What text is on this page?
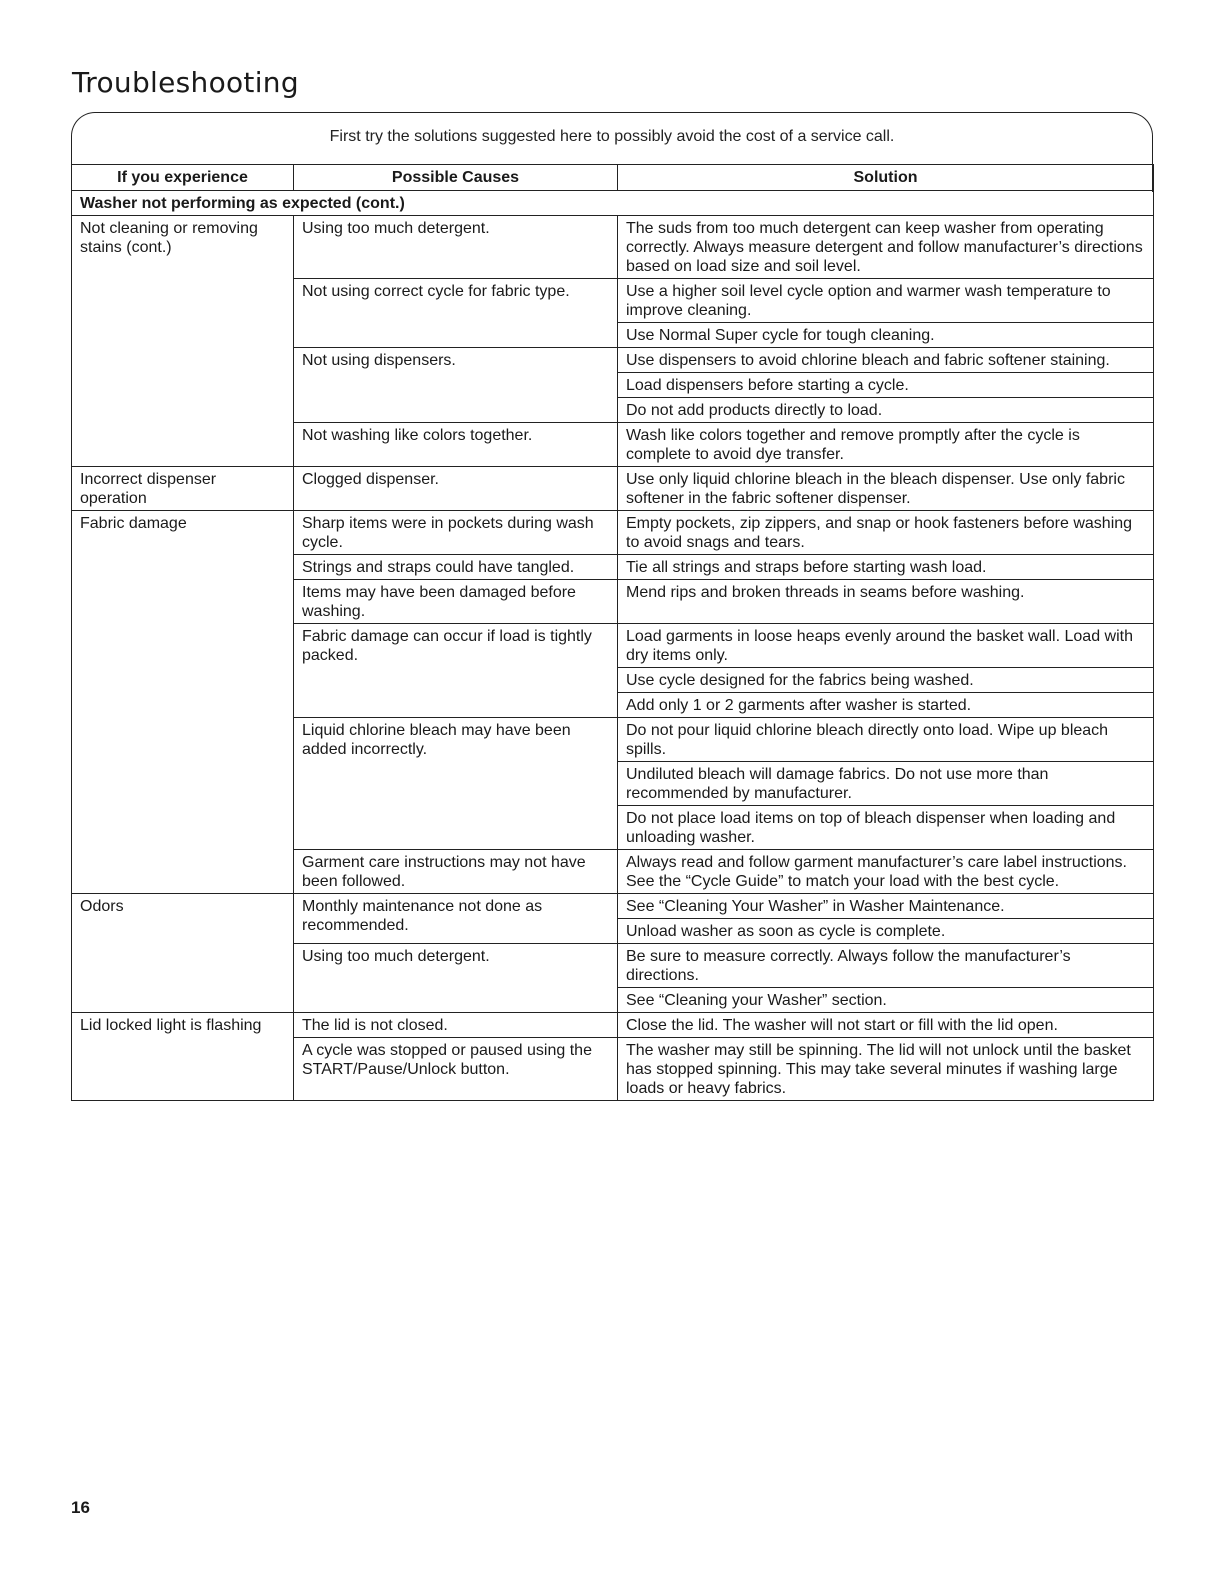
Troubleshooting
First try the solutions suggested here to possibly avoid the cost of a service call.
If you experience	Possible Causes	Solution
Washer not performing as expected (cont.)		
Not cleaning or removing stains (cont.)	Using too much detergent.	The suds from too much detergent can keep washer from operating correctly. Always measure detergent and follow manufacturer’s directions based on load size and soil level.
	Not using correct cycle for fabric type.	Use a higher soil level cycle option and warmer wash temperature to improve cleaning.
		Use Normal Super cycle for tough cleaning.
	Not using dispensers.	Use dispensers to avoid chlorine bleach and fabric softener staining.
		Load dispensers before starting a cycle.
		Do not add products directly to load.
	Not washing like colors together.	Wash like colors together and remove promptly after the cycle is complete to avoid dye transfer.
Incorrect dispenser operation	Clogged dispenser.	Use only liquid chlorine bleach in the bleach dispenser. Use only fabric softener in the fabric softener dispenser.
Fabric damage	Sharp items were in pockets during wash cycle.	Empty pockets, zip zippers, and snap or hook fasteners before washing to avoid snags and tears.
	Strings and straps could have tangled.	Tie all strings and straps before starting wash load.
	Items may have been damaged before washing.	Mend rips and broken threads in seams before washing.
	Fabric damage can occur if load is tightly packed.	Load garments in loose heaps evenly around the basket wall. Load with dry items only.
		Use cycle designed for the fabrics being washed.
		Add only 1 or 2 garments after washer is started.
	Liquid chlorine bleach may have been added incorrectly.	Do not pour liquid chlorine bleach directly onto load. Wipe up bleach spills.
		Undiluted bleach will damage fabrics. Do not use more than recommended by manufacturer.
		Do not place load items on top of bleach dispenser when loading and unloading washer.
	Garment care instructions may not have been followed.	Always read and follow garment manufacturer’s care label instructions. See the “Cycle Guide” to match your load with the best cycle.
Odors	Monthly maintenance not done as recommended.	See “Cleaning Your Washer” in Washer Maintenance.
		Unload washer as soon as cycle is complete.
	Using too much detergent.	Be sure to measure correctly. Always follow the manufacturer’s directions.
		See “Cleaning your Washer” section.
Lid locked light is flashing	The lid is not closed.	Close the lid. The washer will not start or fill with the lid open.
	A cycle was stopped or paused using the START/Pause/Unlock button.	The washer may still be spinning. The lid will not unlock until the basket has stopped spinning. This may take several minutes if washing large loads or heavy fabrics.
16
